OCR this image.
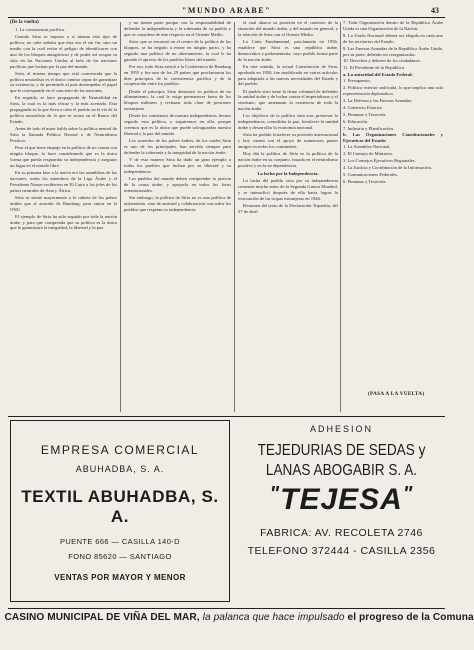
"MUNDO ARABE"	43
(De la vuelta)

1. La coexistencia pacífica.

Cuando Siria se impuso a sí misma esta tipo de política, no cabe señalar que ésta era el sin fin, sino un medio con la cual evitar el peligro de identificarse con uno de los bloques antagónicos y de poder así ocupar su sitio en las Naciones Unidas al lado de las naciones pacíficas que luchan por la paz del mundo.

Siria, al mismo tiempo que está convencida que la política neutralista es el único camino capaz de garantizar su existencia, y de permitirle al país desempeñar el papel que le corresponde en el concierto de las naciones.

En seguida, se hace propaganda de Neutralidad en Siria, la cual es la más eficaz y la más acertada. Esta propaganda es la que lleva a cabo el pueblo en la vía de la política neutralista de la que se acusa en el Banco del Estado.

Antes de todo el autor habla sobre la política neutral de Siria la llamada Política Neutral o de Neutralismo Positivo.

Pero el que tiene empuje en la política de no contar con ningún bloque, lo hace considerando que es la única forma que pueda resguardar su independencia y asegurar un lugar en el mundo libre.

En su primera fase a la nueva era las asambleas de las naciones, todos los miembros de la Liga Árabe y el Presidente Nasser recibieron en El Cairo a los jefes de los países neutrales de Asia y África.

Siria se siente mayormente a la cabeza de los países árabes que al acuerdo de Bandung, para entrar en la ONU.

El ejemplo de Siria ha sido seguido por toda la nación árabe, y para que comprenda que su política es la única que le garantizará la integridad, la libertad y la paz.

y no tienen parte porque con la responsabilidad de defender la independencia y la soberanía de su pueblo y que se considera de este respecto en el Oriente Medio.

Siria, que se encontró en el centro de la política de los bloques, se ha negado a entrar en ningún pacto, y ha seguido una política de no alineamiento, la cual le ha ganado el aprecio de los pueblos libres del mundo.

Por eso, todo Siria asistió a la Conferencia de Bandung en 1955 y fue uno de los 29 países que proclamaron los diez principios de la coexistencia pacífica y de la cooperación entre los pueblos.

Desde el principio Siria demostró su política de no alineamiento, la cual le exige permanecer fuera de los bloques militares y rechazar toda clase de presiones extranjeras.

Desde los comienzos de nuestra independencia, hemos seguido esta política, y seguiremos en ella, porque creemos que es la única que puede salvaguardar nuestra libertad y la paz del mundo.

Los acuerdos de los países árabes, de los cuales Siria es uno de los principales, han servido siempre para defender la soberanía y la integridad de la nación árabe.

Y de esta manera Siria ha dado un gran ejemplo a todos los pueblos que luchan por su libertad y su independencia.

Los pueblos del mundo deben comprender la justicia de la causa árabe, y apoyarla en todos los foros internacionales.

Sin embargo, la política de Siria no es una política de aislamiento, sino de amistad y colaboración con todos los pueblos que respetan su independencia.

el cual abarca su posición en el contexto de la situación del mundo árabe, y del mundo en general, y la relación de Siria con el Oriente Medio.

La Carta Fundamental, proclamada en 1956, establece que Siria es una república árabe, democrática y parlamentaria, cuyo pueblo forma parte de la nación árabe.

En este sentido, la actual Constitución de Siria, aprobada en 1950, fue modificada en varios artículos para adaptarla a las nuevas necesidades del Estado y del pueblo.

El pueblo sirio tiene la firme voluntad de defender la unidad árabe y de luchar contra el imperialismo y el sionismo, que amenazan la existencia de toda la nación árabe.

Los objetivos de la política siria son: preservar la independencia, consolidar la paz, fortalecer la unidad árabe y desarrollar la economía nacional.

Siria ha podido fortalecer su posición internacional y hoy cuenta con el apoyo de numerosos países amigos en todos los continentes.

Hoy día la política de Siria es la política de la nación árabe en su conjunto, basada en el neutralismo positivo y en la no dependencia.

La lucha por la Independencia.

La lucha del pueblo sirio por su independencia comenzó mucho antes de la Segunda Guerra Mundial, y se intensificó después de ella hasta lograr la evacuación de las tropas extranjeras en 1946.

Resumen del texto de la Declaración Tripartita, del 27 de abril.

7. Toda Organización dentro de la República Árabe Unida es una Organización de la Nación.

8. La Unión Nacional deberá ser elegida en cada uno de los territorios del Estado.

9. Las Fuerzas Armadas de la República Árabe Unida, por su parte, deberán ser reorganizadas.

10. Derechos y deberes de los ciudadanos.

11. El Presidente de la República.

a. La autoridad del Estado Federal:

1. Presupuesto.

2. Política exterior unificada, lo que implica una sola representación diplomática.

3. La Defensa y las Fuerzas Armadas.

4. Comercio Exterior.

5. Finanzas y Tesorería.

6. Educación.

7. Industria y Planificación.

b. Las Organizaciones Constitucionales y Ejecutivas del Estado:

1. La Asamblea Nacional.

2. El Consejo de Ministros.

3. Los Consejos Ejecutivos Regionales.

4. La Justicia y Coordinación de la Información.

5. Comunicaciones Federales.

6. Finanzas y Tesorería.

(PASA A LA VUELTA)
EMPRESA COMERCIAL
ABUHADBA, S. A.
TEXTIL ABUHADBA, S. A.
PUENTE 666 — CASILLA 140-D
FONO 85620 — SANTIAGO
VENTAS POR MAYOR Y MENOR
ADHESION
TEJEDURIAS DE SEDAS y
LANAS ABOGABIR S. A.
"TEJESA"
FABRICA: AV. RECOLETA 2746
TELEFONO 372444 - CASILLA 2356
CASINO MUNICIPAL DE VIÑA DEL MAR, la palanca que hace impulsado el progreso de la Comuna
